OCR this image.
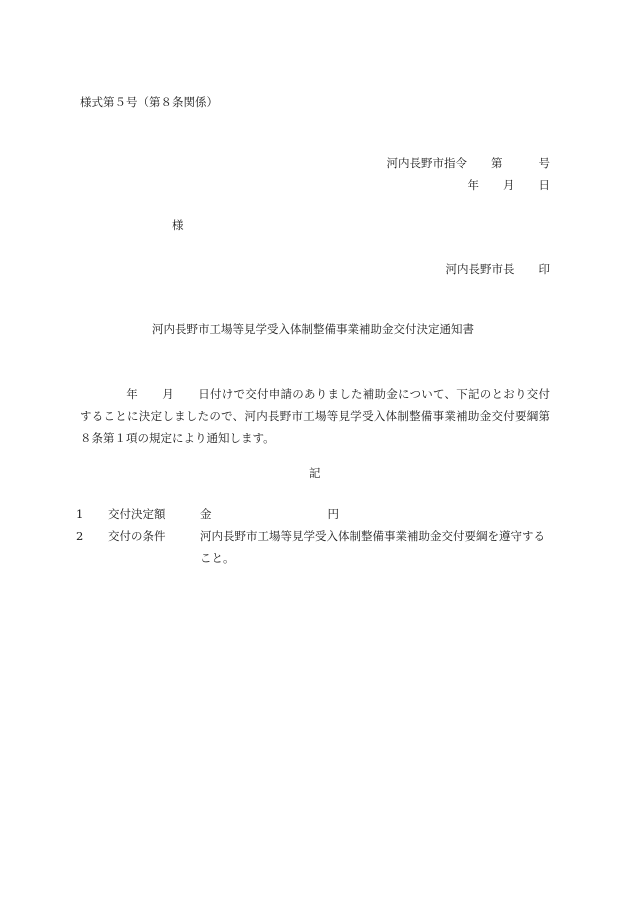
様式第５号（第８条関係）
河内長野市指令 第	号
年 月 日
様
河内長野市長 印
河内長野市工場等見学受入体制整備事業補助金交付決定通知書
年 月 日付けで交付申請のありました補助金について、下記のとおり交付することに決定しましたので、河内長野市工場等見学受入体制整備事業補助金交付要綱第８条第１項の規定により通知します。
記
1 交付決定額	金	円
2 交付の条件	河内長野市工場等見学受入体制整備事業補助金交付要綱を遵守すること。
